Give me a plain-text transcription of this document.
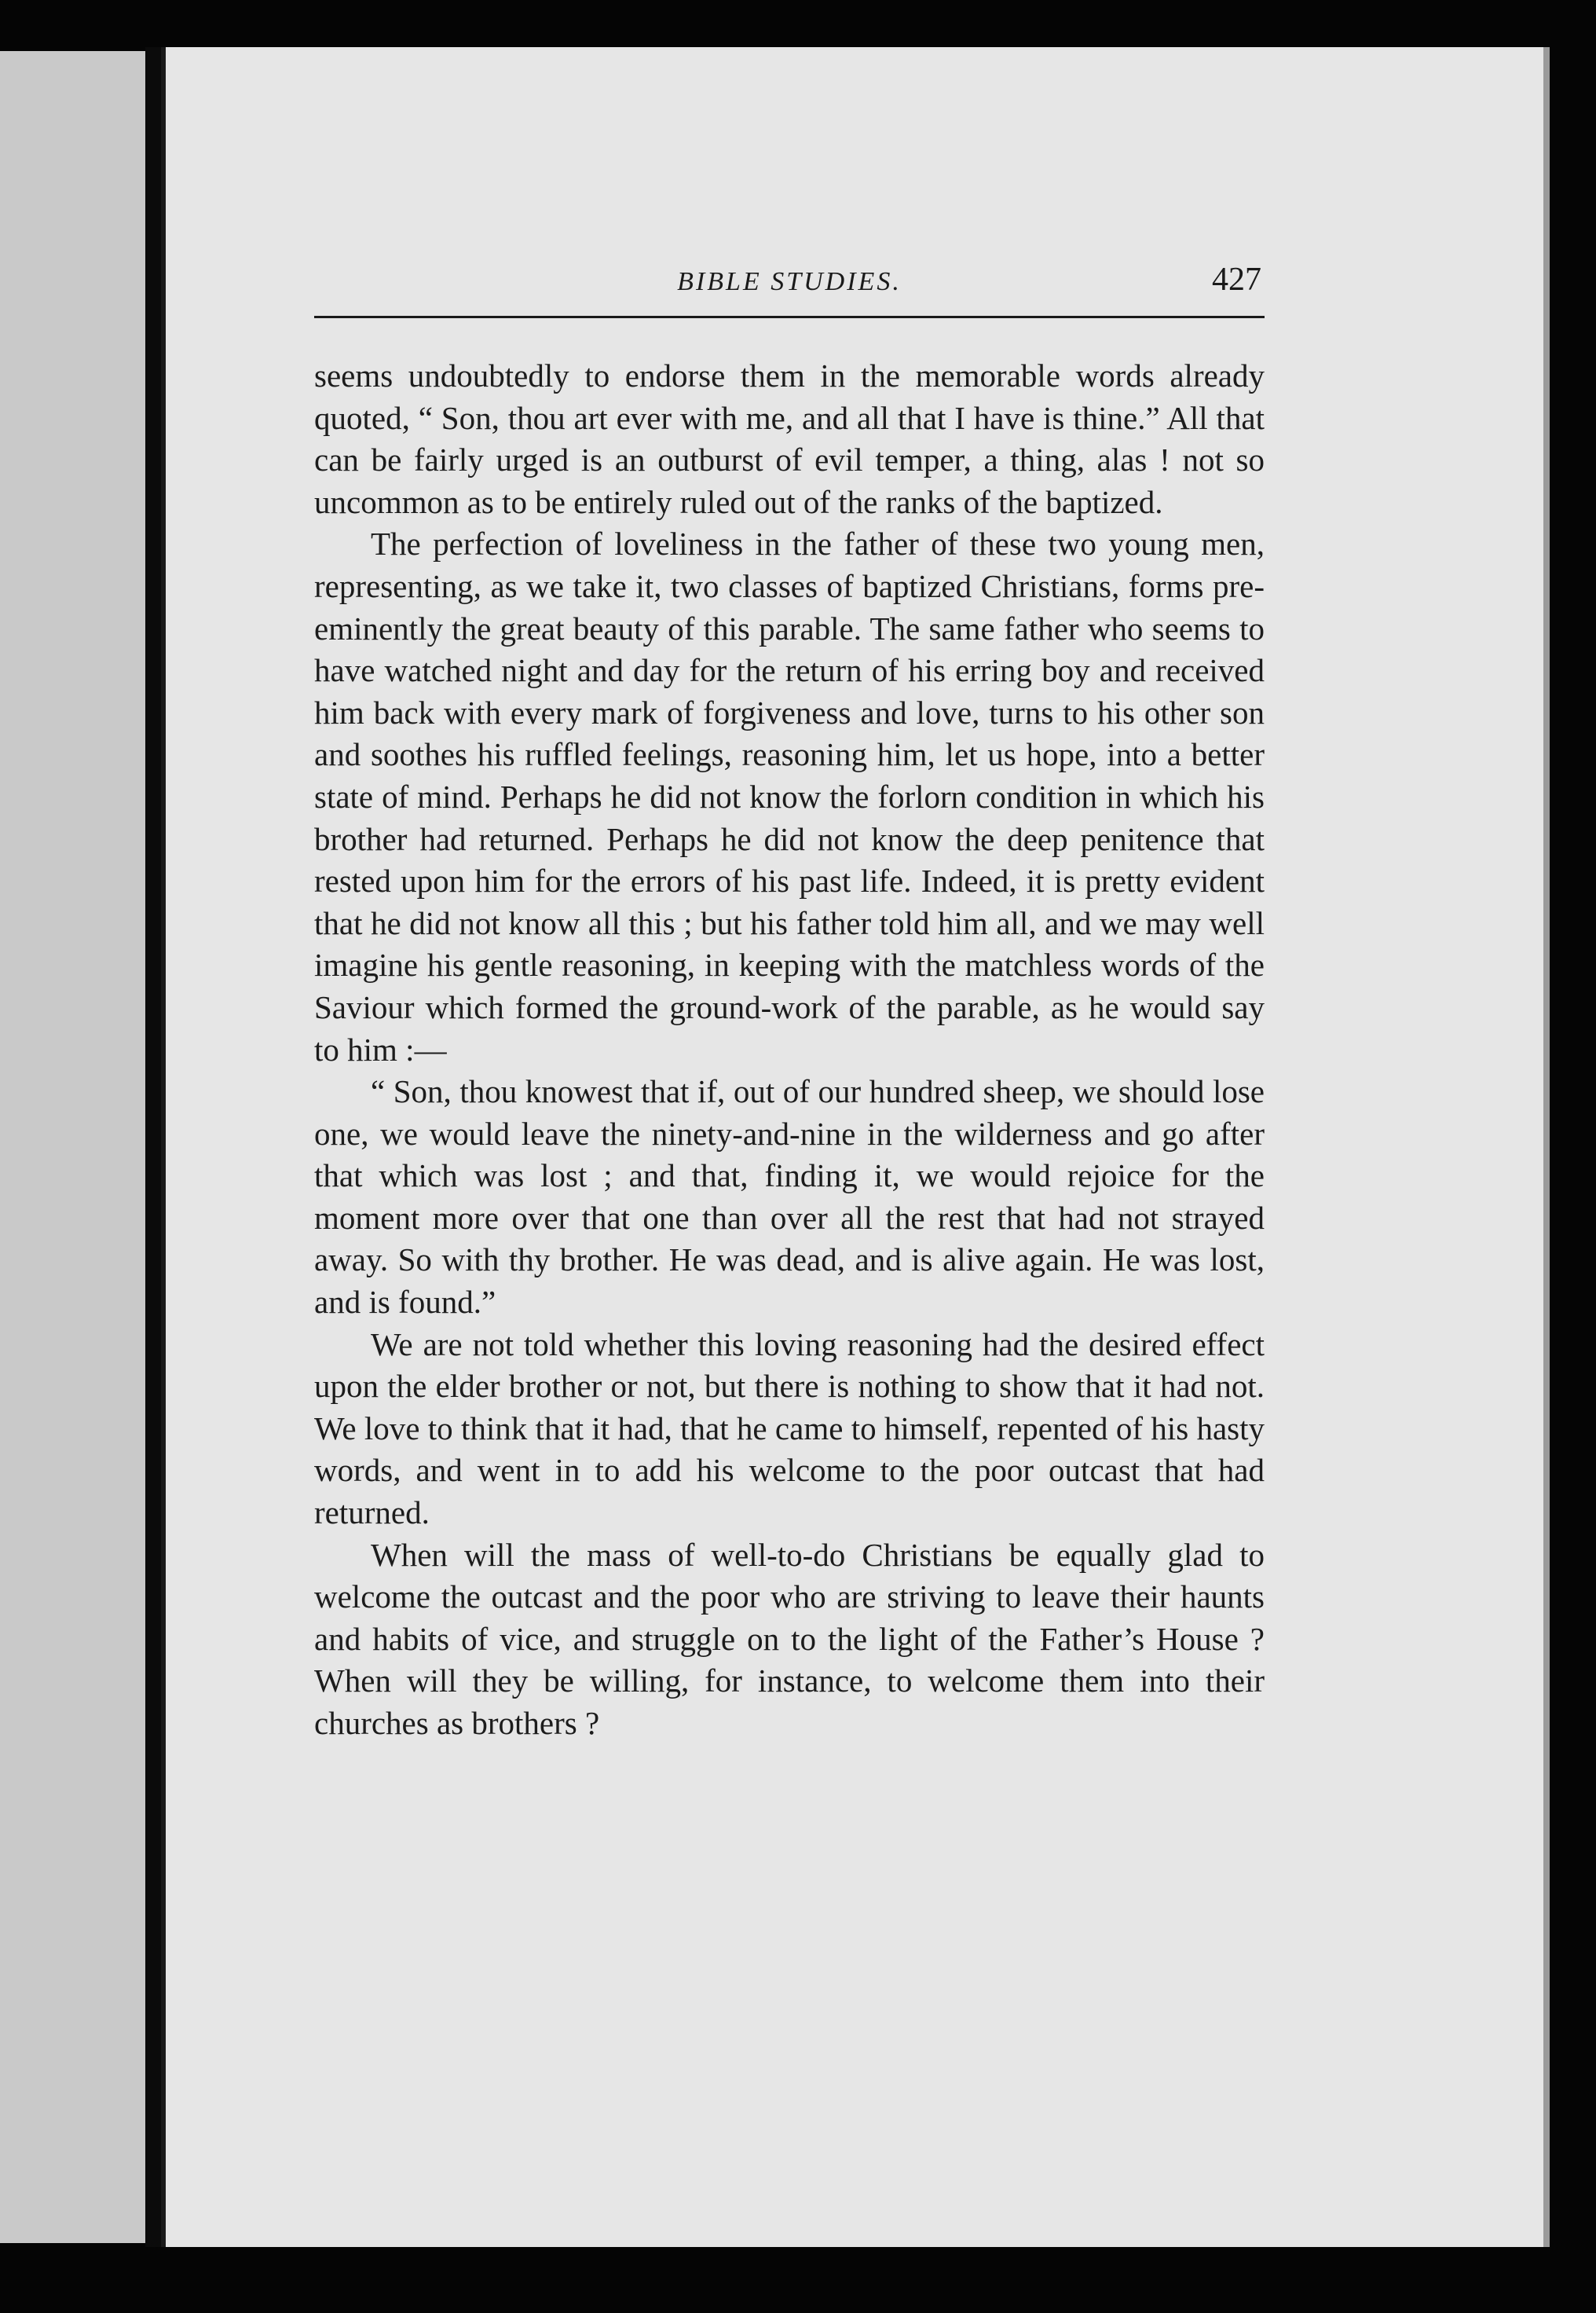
BIBLE STUDIES.	427

seems undoubtedly to endorse them in the memorable words already quoted, “ Son, thou art ever with me, and all that I have is thine.” All that can be fairly urged is an outburst of evil temper, a thing, alas ! not so uncommon as to be entirely ruled out of the ranks of the baptized.

The perfection of loveliness in the father of these two young men, representing, as we take it, two classes of baptized Christians, forms pre-eminently the great beauty of this parable. The same father who seems to have watched night and day for the return of his erring boy and received him back with every mark of forgiveness and love, turns to his other son and soothes his ruffled feelings, reasoning him, let us hope, into a better state of mind. Perhaps he did not know the forlorn condition in which his brother had returned. Perhaps he did not know the deep penitence that rested upon him for the errors of his past life. Indeed, it is pretty evident that he did not know all this ; but his father told him all, and we may well imagine his gentle reasoning, in keeping with the matchless words of the Saviour which formed the ground-work of the parable, as he would say to him :—

“ Son, thou knowest that if, out of our hundred sheep, we should lose one, we would leave the ninety-and-nine in the wilderness and go after that which was lost ; and that, finding it, we would rejoice for the moment more over that one than over all the rest that had not strayed away. So with thy brother. He was dead, and is alive again. He was lost, and is found.”

We are not told whether this loving reasoning had the desired effect upon the elder brother or not, but there is nothing to show that it had not. We love to think that it had, that he came to himself, repented of his hasty words, and went in to add his welcome to the poor outcast that had returned.

When will the mass of well-to-do Christians be equally glad to welcome the outcast and the poor who are striving to leave their haunts and habits of vice, and struggle on to the light of the Father’s House ? When will they be willing, for instance, to welcome them into their churches as brothers ?
